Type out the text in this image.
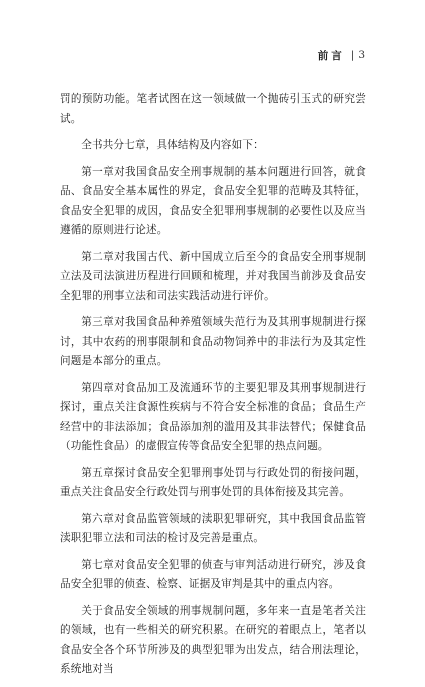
前言 | 3

罚的预防功能。笔者试图在这一领域做一个抛砖引玉式的研究尝试。

全书共分七章，具体结构及内容如下：

第一章对我国食品安全刑事规制的基本问题进行回答，就食品、食品安全基本属性的界定，食品安全犯罪的范畴及其特征，食品安全犯罪的成因，食品安全犯罪刑事规制的必要性以及应当遵循的原则进行论述。

第二章对我国古代、新中国成立后至今的食品安全刑事规制立法及司法演进历程进行回顾和梳理，并对我国当前涉及食品安全犯罪的刑事立法和司法实践活动进行评价。

第三章对我国食品种养殖领域失范行为及其刑事规制进行探讨，其中农药的刑事限制和食品动物饲养中的非法行为及其定性问题是本部分的重点。

第四章对食品加工及流通环节的主要犯罪及其刑事规制进行探讨，重点关注食源性疾病与不符合安全标准的食品；食品生产经营中的非法添加；食品添加剂的滥用及其非法替代；保健食品（功能性食品）的虚假宣传等食品安全犯罪的热点问题。

第五章探讨食品安全犯罪刑事处罚与行政处罚的衔接问题，重点关注食品安全行政处罚与刑事处罚的具体衔接及其完善。

第六章对食品监管领域的渎职犯罪研究，其中我国食品监管渎职犯罪立法和司法的检讨及完善是重点。

第七章对食品安全犯罪的侦查与审判活动进行研究，涉及食品安全犯罪的侦查、检察、证据及审判是其中的重点内容。

关于食品安全领域的刑事规制问题，多年来一直是笔者关注的领域，也有一些相关的研究积累。在研究的着眼点上，笔者以食品安全各个环节所涉及的典型犯罪为出发点，结合刑法理论，系统地对当
